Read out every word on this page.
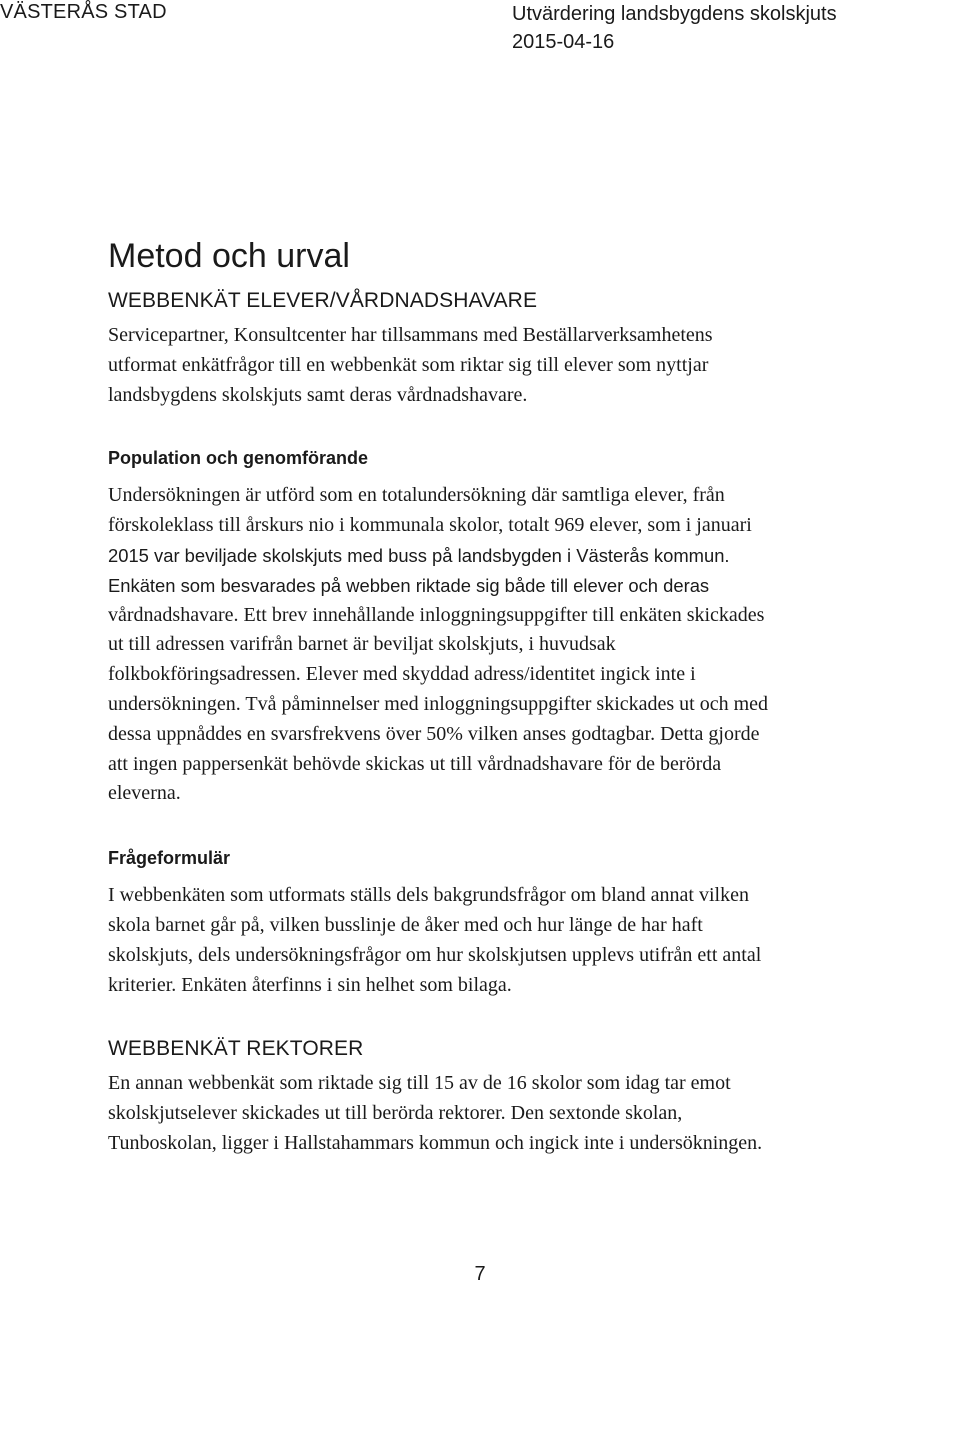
VÄSTERÅS STAD	Utvärdering landsbygdens skolskjuts
2015-04-16
Metod och urval
WEBBENKÄT ELEVER/VÅRDNADSHAVARE

Servicepartner, Konsultcenter har tillsammans med Beställarverksamhetens
utformat enkätfrågor till en webbenkät som riktar sig till elever som nyttjar
landsbygdens skolskjuts samt deras vårdnadshavare.

Population och genomförande

Undersökningen är utförd som en totalundersökning där samtliga elever, från
förskoleklass till årskurs nio i kommunala skolor, totalt 969 elever, som i januari
2015 var beviljade skolskjuts med buss på landsbygden i Västerås kommun.
Enkäten som besvarades på webben riktade sig både till elever och deras
vårdnadshavare. Ett brev innehållande inloggningsuppgifter till enkäten skickades
ut till adressen varifrån barnet är beviljat skolskjuts, i huvudsak
folkbokföringsadressen. Elever med skyddad adress/identitet ingick inte i
undersökningen. Två påminnelser med inloggningsuppgifter skickades ut och med
dessa uppnåddes en svarsfrekvens över 50% vilken anses godtagbar. Detta gjorde
att ingen pappersenkät behövde skickas ut till vårdnadshavare för de berörda
eleverna.

Frågeformulär

I webbenkäten som utformats ställs dels bakgrundsfrågor om bland annat vilken
skola barnet går på, vilken busslinje de åker med och hur länge de har haft
skolskjuts, dels undersökningsfrågor om hur skolskjutsen upplevs utifrån ett antal
kriterier. Enkäten återfinns i sin helhet som bilaga.

WEBBENKÄT REKTORER

En annan webbenkät som riktade sig till 15 av de 16 skolor som idag tar emot
skolskjutselever skickades ut till berörda rektorer. Den sextonde skolan,
Tunboskolan, ligger i Hallstahammars kommun och ingick inte i undersökningen.

7
